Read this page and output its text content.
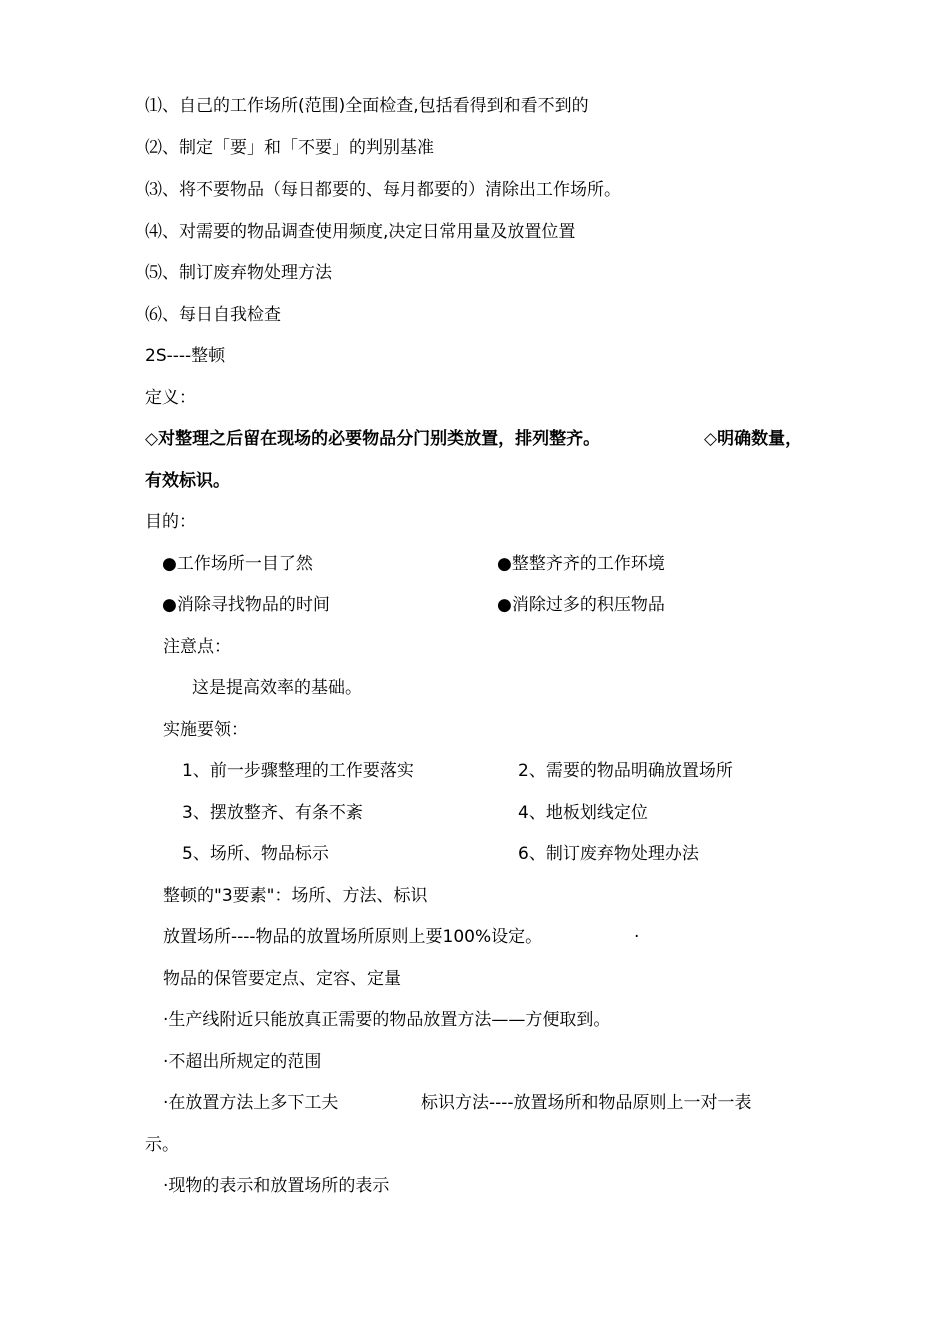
⑴、自己的工作场所(范围)全面检查,包括看得到和看不到的
⑵、制定「要」和「不要」的判别基准
⑶、将不要物品（每日都要的、每月都要的）清除出工作场所。
⑷、对需要的物品调查使用频度,决定日常用量及放置位置
⑸、制订废弃物处理方法
⑹、每日自我检查
2S----整顿
定义：
◇对整理之后留在现场的必要物品分门别类放置，排列整齐。	◇明确数量，
有效标识。
目的：
●工作场所一目了然	●整整齐齐的工作环境
●消除寻找物品的时间	●消除过多的积压物品
注意点：
这是提高效率的基础。
实施要领：
1、前一步骤整理的工作要落实	2、需要的物品明确放置场所
3、摆放整齐、有条不紊	4、地板划线定位
5、场所、物品标示	6、制订废弃物处理办法
整顿的"3要素"：场所、方法、标识
放置场所----物品的放置场所原则上要100%设定。	·
物品的保管要定点、定容、定量
·生产线附近只能放真正需要的物品放置方法——方便取到。
·不超出所规定的范围
·在放置方法上多下工夫	标识方法----放置场所和物品原则上一对一表
示。
·现物的表示和放置场所的表示
